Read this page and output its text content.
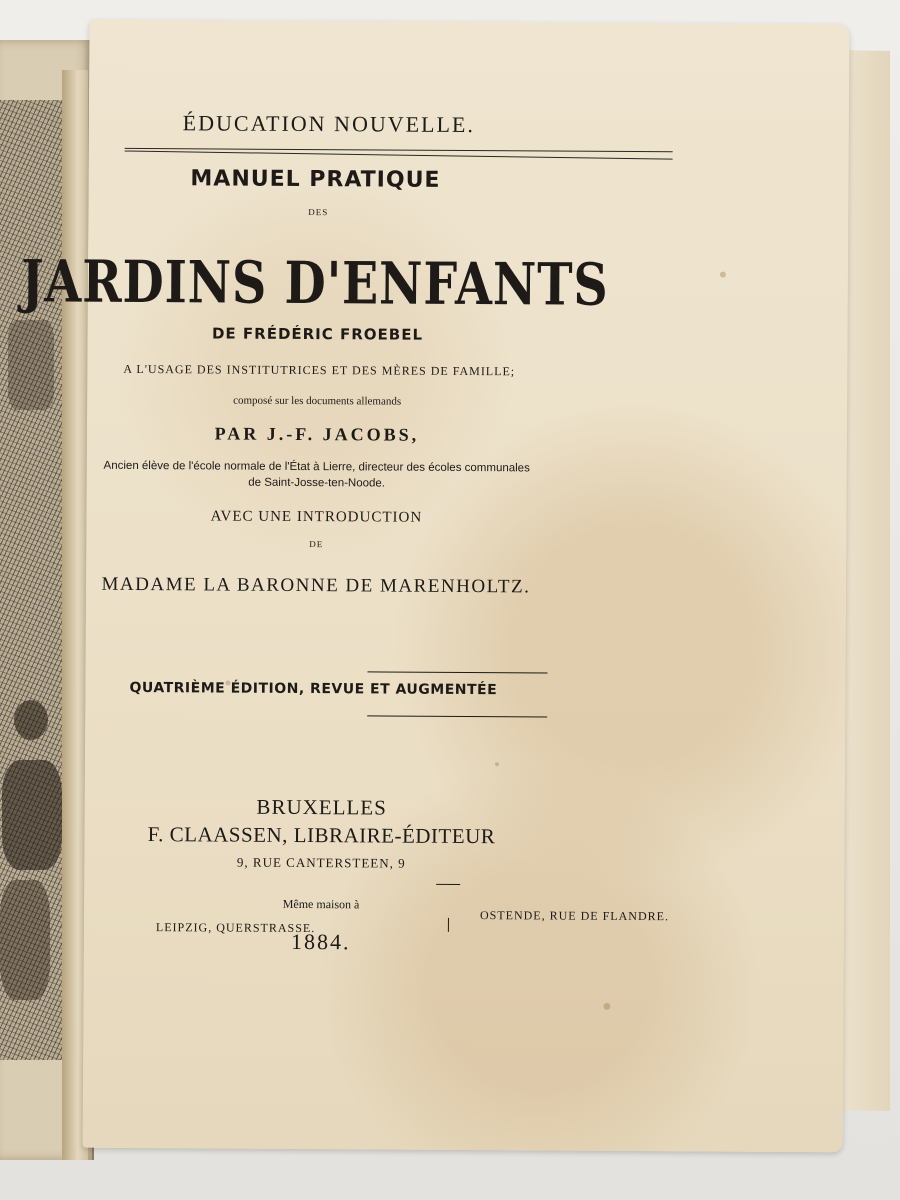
ÉDUCATION NOUVELLE.
MANUEL PRATIQUE
DES
JARDINS D'ENFANTS
DE FRÉDÉRIC FROEBEL
A L'USAGE DES INSTITUTRICES ET DES MÈRES DE FAMILLE;
composé sur les documents allemands
PAR J.-F. JACOBS,
Ancien élève de l'école normale de l'État à Lierre, directeur des écoles communales
de Saint-Josse-ten-Noode.
AVEC UNE INTRODUCTION
DE
MADAME LA BARONNE DE MARENHOLTZ.
QUATRIÈME ÉDITION, REVUE ET AUGMENTÉE
BRUXELLES
F. CLAASSEN, LIBRAIRE-ÉDITEUR
9, RUE CANTERSTEEN, 9
Même maison à
LEIPZIG, QUERSTRASSE.
OSTENDE, RUE DE FLANDRE.
1884.
